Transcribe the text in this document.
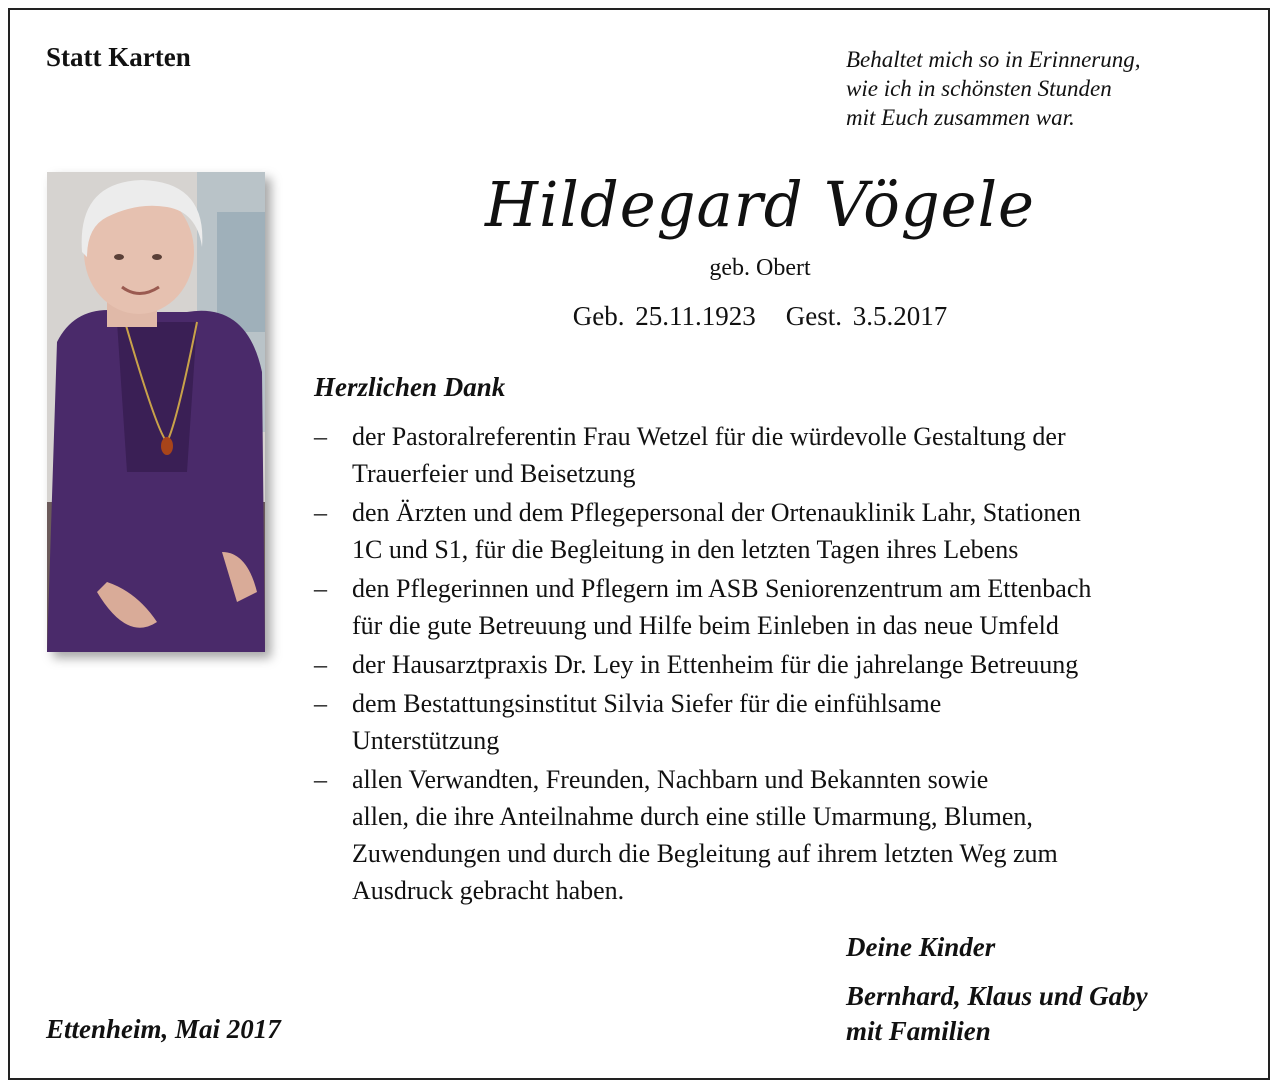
Statt Karten	Behaltet mich so in Erinnerung,
wie ich in schönsten Stunden
mit Euch zusammen war.
Hildegard Vögele
geb. Obert
Geb. 25.11.1923 Gest. 3.5.2017
Herzlichen Dank
– der Pastoralreferentin Frau Wetzel für die würdevolle Gestaltung der
Trauerfeier und Beisetzung
– den Ärzten und dem Pflegepersonal der Ortenauklinik Lahr, Stationen
1C und S1, für die Begleitung in den letzten Tagen ihres Lebens
– den Pflegerinnen und Pflegern im ASB Seniorenzentrum am Ettenbach
für die gute Betreuung und Hilfe beim Einleben in das neue Umfeld
– der Hausarztpraxis Dr. Ley in Ettenheim für die jahrelange Betreuung
– dem Bestattungsinstitut Silvia Siefer für die einfühlsame
Unterstützung
– allen Verwandten, Freunden, Nachbarn und Bekannten sowie
allen, die ihre Anteilnahme durch eine stille Umarmung, Blumen,
Zuwendungen und durch die Begleitung auf ihrem letzten Weg zum
Ausdruck gebracht haben.
Deine Kinder
Bernhard, Klaus und Gaby
mit Familien
Ettenheim, Mai 2017
